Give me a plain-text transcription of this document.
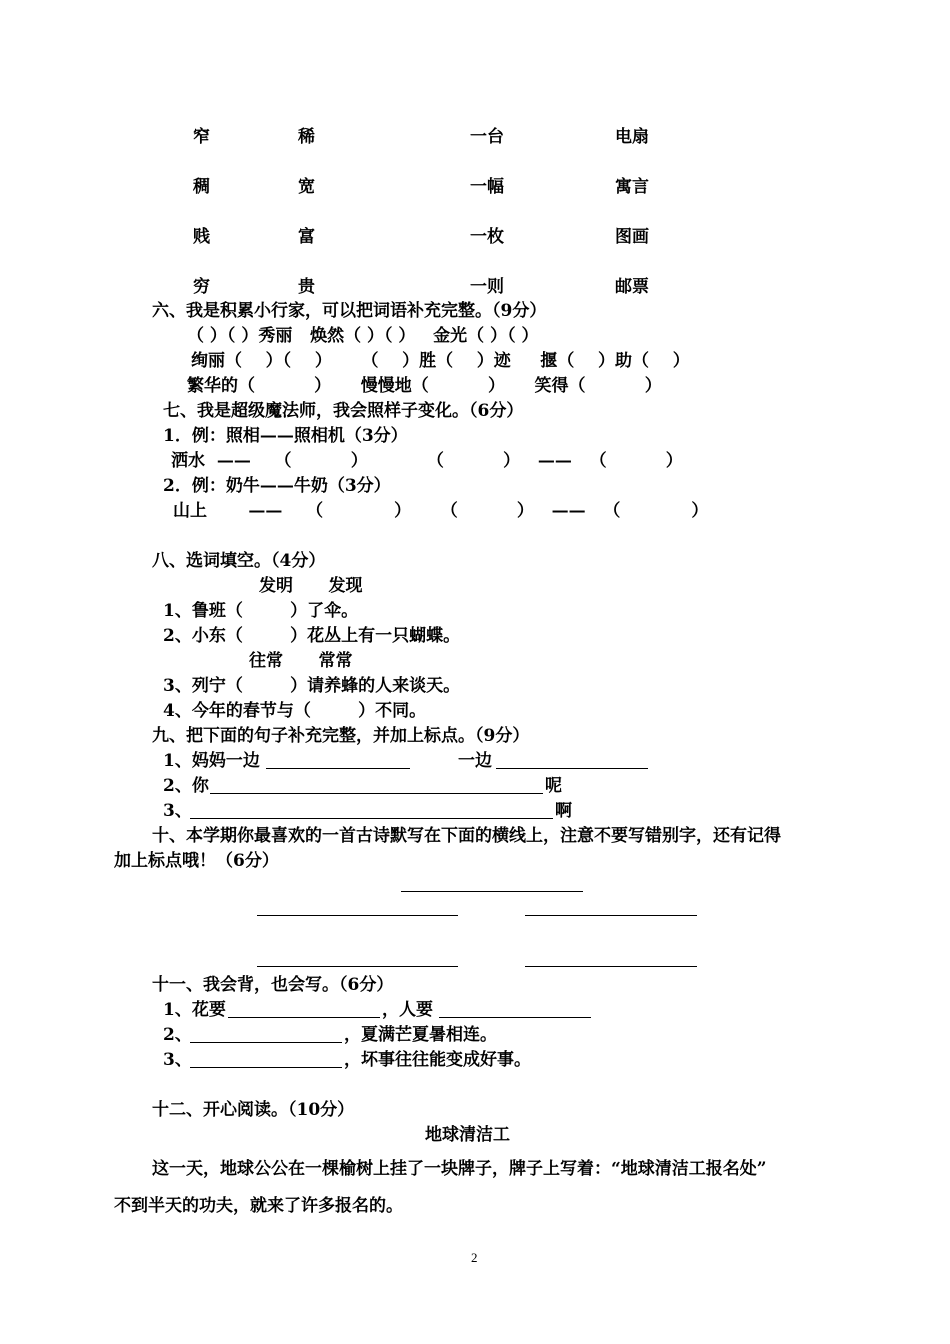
窄	稀	一台	电扇
稠	宽	一幅	寓言
贱	富	一枚	图画
穷	贵	一则	邮票
六、我是积累小行家，可以把词语补充完整。（9分）
（ ）（ ）秀丽   焕然（ ）（ ）   金光（ ）（ ）
绚丽（    ）（    ）     （    ）胜（    ）迹     揠（    ）助（    ）
繁华的（          ）     慢慢地（          ）     笑得（          ）
七、我是超级魔法师，我会照样子变化。（6分）
1．例：照相——照相机（3分）
洒水  ——    （          ）          （          ）   ——   （          ）
2．例：奶牛——牛奶（3分）
山上       ——    （            ）     （          ）   ——   （            ）
八、选词填空。（4分）
发明      发现
1、鲁班（        ）了伞。
2、小东（        ）花丛上有一只蝴蝶。
往常      常常
3、列宁（        ）请养蜂的人来谈天。
4、今年的春节与（        ）不同。
九、把下面的句子补充完整，并加上标点。（9分）
1、妈妈一边	一边
2、你	呢
3、	啊
十、本学期你最喜欢的一首古诗默写在下面的横线上，注意不要写错别字，还有记得
加上标点哦！（6分）
十一、我会背，也会写。（6分）
1、花要	，人要
2、	，夏满芒夏暑相连。
3、	，坏事往往能变成好事。
十二、开心阅读。（10分）
地球清洁工
这一天，地球公公在一棵榆树上挂了一块牌子，牌子上写着：“地球清洁工报名处”
不到半天的功夫，就来了许多报名的。
2
